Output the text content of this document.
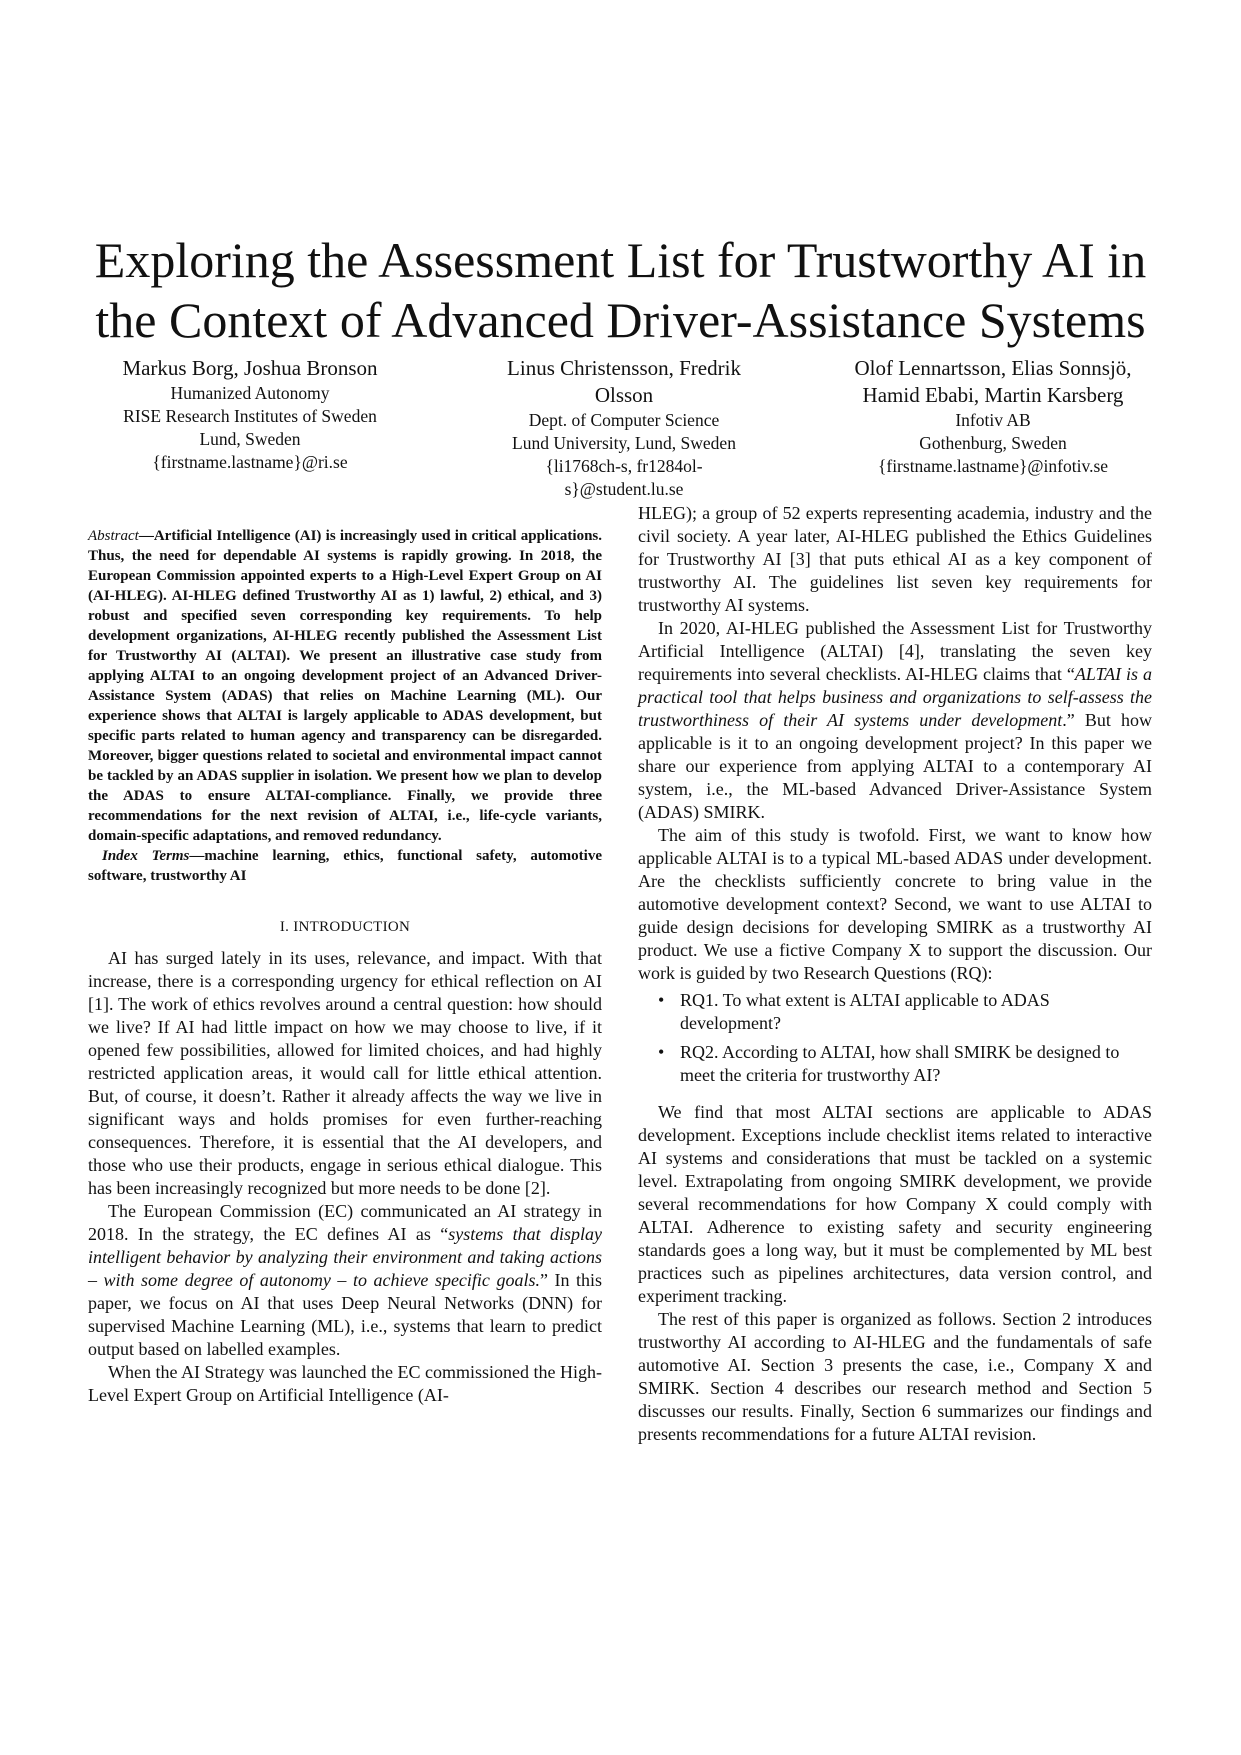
Exploring the Assessment List for Trustworthy AI in
the Context of Advanced Driver-Assistance Systems
Markus Borg, Joshua Bronson
Humanized Autonomy
RISE Research Institutes of Sweden
Lund, Sweden
{firstname.lastname}@ri.se
Linus Christensson, Fredrik
Olsson
Dept. of Computer Science
Lund University, Lund, Sweden
{li1768ch-s, fr1284ol-
s}@student.lu.se
Olof Lennartsson, Elias Sonnsjö,
Hamid Ebabi, Martin Karsberg
Infotiv AB
Gothenburg, Sweden
{firstname.lastname}@infotiv.se

Abstract—Artificial Intelligence (AI) is increasingly used in critical applications. Thus, the need for dependable AI systems is rapidly growing. In 2018, the European Commission appointed experts to a High-Level Expert Group on AI (AI-HLEG). AI-HLEG defined Trustworthy AI as 1) lawful, 2) ethical, and 3) robust and specified seven corresponding key requirements. To help development organizations, AI-HLEG recently published the Assessment List for Trustworthy AI (ALTAI). We present an illustrative case study from applying ALTAI to an ongoing development project of an Advanced Driver-Assistance System (ADAS) that relies on Machine Learning (ML). Our experience shows that ALTAI is largely applicable to ADAS development, but specific parts related to human agency and transparency can be disregarded. Moreover, bigger questions related to societal and environmental impact cannot be tackled by an ADAS supplier in isolation. We present how we plan to develop the ADAS to ensure ALTAI-compliance. Finally, we provide three recommendations for the next revision of ALTAI, i.e., life-cycle variants, domain-specific adaptations, and removed redundancy.

Index Terms—machine learning, ethics, functional safety, automotive software, trustworthy AI

I. INTRODUCTION

AI has surged lately in its uses, relevance, and impact. With that increase, there is a corresponding urgency for ethical reflection on AI [1]. The work of ethics revolves around a central question: how should we live? If AI had little impact on how we may choose to live, if it opened few possibilities, allowed for limited choices, and had highly restricted application areas, it would call for little ethical attention. But, of course, it doesn’t. Rather it already affects the way we live in significant ways and holds promises for even further-reaching consequences. Therefore, it is essential that the AI developers, and those who use their products, engage in serious ethical dialogue. This has been increasingly recognized but more needs to be done [2].

The European Commission (EC) communicated an AI strategy in 2018. In the strategy, the EC defines AI as “systems that display intelligent behavior by analyzing their environment and taking actions – with some degree of autonomy – to achieve specific goals.” In this paper, we focus on AI that uses Deep Neural Networks (DNN) for supervised Machine Learning (ML), i.e., systems that learn to predict output based on labelled examples.

When the AI Strategy was launched the EC commissioned the High-Level Expert Group on Artificial Intelligence (AI-

HLEG); a group of 52 experts representing academia, industry and the civil society. A year later, AI-HLEG published the Ethics Guidelines for Trustworthy AI [3] that puts ethical AI as a key component of trustworthy AI. The guidelines list seven key requirements for trustworthy AI systems.

In 2020, AI-HLEG published the Assessment List for Trustworthy Artificial Intelligence (ALTAI) [4], translating the seven key requirements into several checklists. AI-HLEG claims that “ALTAI is a practical tool that helps business and organizations to self-assess the trustworthiness of their AI systems under development.” But how applicable is it to an ongoing development project? In this paper we share our experience from applying ALTAI to a contemporary AI system, i.e., the ML-based Advanced Driver-Assistance System (ADAS) SMIRK.

The aim of this study is twofold. First, we want to know how applicable ALTAI is to a typical ML-based ADAS under development. Are the checklists sufficiently concrete to bring value in the automotive development context? Second, we want to use ALTAI to guide design decisions for developing SMIRK as a trustworthy AI product. We use a fictive Company X to support the discussion. Our work is guided by two Research Questions (RQ):

• RQ1. To what extent is ALTAI applicable to ADAS development?
• RQ2. According to ALTAI, how shall SMIRK be designed to meet the criteria for trustworthy AI?

We find that most ALTAI sections are applicable to ADAS development. Exceptions include checklist items related to interactive AI systems and considerations that must be tackled on a systemic level. Extrapolating from ongoing SMIRK development, we provide several recommendations for how Company X could comply with ALTAI. Adherence to existing safety and security engineering standards goes a long way, but it must be complemented by ML best practices such as pipelines architectures, data version control, and experiment tracking.

The rest of this paper is organized as follows. Section 2 introduces trustworthy AI according to AI-HLEG and the fundamentals of safe automotive AI. Section 3 presents the case, i.e., Company X and SMIRK. Section 4 describes our research method and Section 5 discusses our results. Finally, Section 6 summarizes our findings and presents recommendations for a future ALTAI revision.
